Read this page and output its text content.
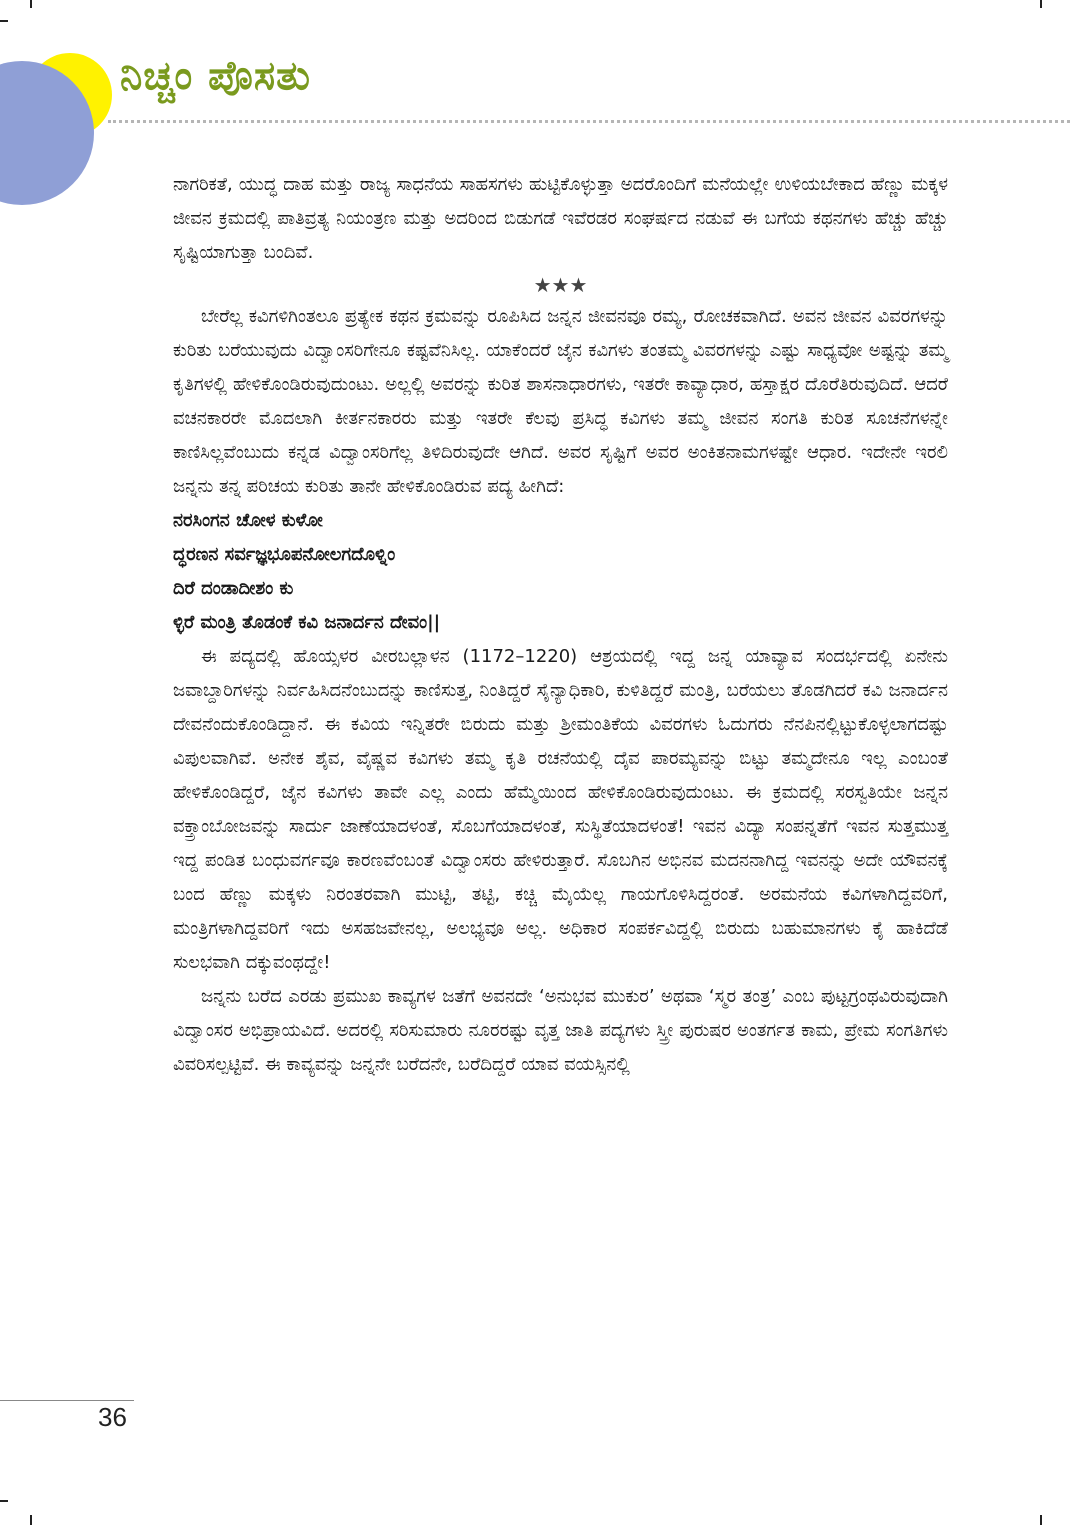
ನಿಚ್ಚಂ ಪೊಸತು

ನಾಗರಿಕತೆ, ಯುದ್ಧ ದಾಹ ಮತ್ತು ರಾಜ್ಯ ಸಾಧನೆಯ ಸಾಹಸಗಳು ಹುಟ್ಟಿಕೊಳ್ಳುತ್ತಾ ಅದರೊಂದಿಗೆ ಮನೆಯಲ್ಲೇ ಉಳಿಯಬೇಕಾದ ಹೆಣ್ಣು ಮಕ್ಕಳ ಜೀವನ ಕ್ರಮದಲ್ಲಿ ಪಾತಿವ್ರತ್ಯ ನಿಯಂತ್ರಣ ಮತ್ತು ಅದರಿಂದ ಬಿಡುಗಡೆ ಇವೆರಡರ ಸಂಘರ್ಷದ ನಡುವೆ ಈ ಬಗೆಯ ಕಥನಗಳು ಹೆಚ್ಚು ಹೆಚ್ಚು ಸೃಷ್ಟಿಯಾಗುತ್ತಾ ಬಂದಿವೆ.

★★★

ಬೇರೆಲ್ಲ ಕವಿಗಳಿಗಿಂತಲೂ ಪ್ರತ್ಯೇಕ ಕಥನ ಕ್ರಮವನ್ನು ರೂಪಿಸಿದ ಜನ್ನನ ಜೀವನವೂ ರಮ್ಯ, ರೋಚಕವಾಗಿದೆ. ಅವನ ಜೀವನ ವಿವರಗಳನ್ನು ಕುರಿತು ಬರೆಯುವುದು ವಿದ್ವಾಂಸರಿಗೇನೂ ಕಷ್ಟವೆನಿಸಿಲ್ಲ. ಯಾಕೆಂದರೆ ಜೈನ ಕವಿಗಳು ತಂತಮ್ಮ ವಿವರಗಳನ್ನು ಎಷ್ಟು ಸಾಧ್ಯವೋ ಅಷ್ಟನ್ನು ತಮ್ಮ ಕೃತಿಗಳಲ್ಲಿ ಹೇಳಿಕೊಂಡಿರುವುದುಂಟು. ಅಲ್ಲಲ್ಲಿ ಅವರನ್ನು ಕುರಿತ ಶಾಸನಾಧಾರಗಳು, ಇತರೇ ಕಾವ್ಯಾಧಾರ, ಹಸ್ತಾಕ್ಷರ ದೊರೆತಿರುವುದಿದೆ. ಆದರೆ ವಚನಕಾರರೇ ಮೊದಲಾಗಿ ಕೀರ್ತನಕಾರರು ಮತ್ತು ಇತರೇ ಕೆಲವು ಪ್ರಸಿದ್ಧ ಕವಿಗಳು ತಮ್ಮ ಜೀವನ ಸಂಗತಿ ಕುರಿತ ಸೂಚನೆಗಳನ್ನೇ ಕಾಣಿಸಿಲ್ಲವೆಂಬುದು ಕನ್ನಡ ವಿದ್ವಾಂಸರಿಗೆಲ್ಲ ತಿಳಿದಿರುವುದೇ ಆಗಿದೆ. ಅವರ ಸೃಷ್ಟಿಗೆ ಅವರ ಅಂಕಿತನಾಮಗಳಷ್ಟೇ ಆಧಾರ. ಇದೇನೇ ಇರಲಿ ಜನ್ನನು ತನ್ನ ಪರಿಚಯ ಕುರಿತು ತಾನೇ ಹೇಳಿಕೊಂಡಿರುವ ಪದ್ಯ ಹೀಗಿದೆ:

ನರಸಿಂಗನ ಚೋಳ ಕುಳೋ

ದ್ಧರಣನ ಸರ್ವಜ್ಞಭೂಪನೋಲಗದೊಳ್ನಿಂ

ದಿರೆ ದಂಡಾದೀಶಂ ಕು

ಳ್ಳಿರೆ ಮಂತ್ರಿ ತೊಡಂಕೆ ಕವಿ ಜನಾರ್ದನ ದೇವಂ||

ಈ ಪದ್ಯದಲ್ಲಿ ಹೊಯ್ಸಳರ ವೀರಬಲ್ಲಾಳನ (1172–1220) ಆಶ್ರಯದಲ್ಲಿ ಇದ್ದ ಜನ್ನ ಯಾವ್ಯಾವ ಸಂದರ್ಭದಲ್ಲಿ ಏನೇನು ಜವಾಬ್ದಾರಿಗಳನ್ನು ನಿರ್ವಹಿಸಿದನೆಂಬುದನ್ನು ಕಾಣಿಸುತ್ತ, ನಿಂತಿದ್ದರೆ ಸೈನ್ಯಾಧಿಕಾರಿ, ಕುಳಿತಿದ್ದರೆ ಮಂತ್ರಿ, ಬರೆಯಲು ತೊಡಗಿದರೆ ಕವಿ ಜನಾರ್ದನ ದೇವನೆಂದುಕೊಂಡಿದ್ದಾನೆ. ಈ ಕವಿಯ ಇನ್ನಿತರೇ ಬಿರುದು ಮತ್ತು ಶ್ರೀಮಂತಿಕೆಯ ವಿವರಗಳು ಓದುಗರು ನೆನಪಿನಲ್ಲಿಟ್ಟುಕೊಳ್ಳಲಾಗದಷ್ಟು ವಿಪುಲವಾಗಿವೆ. ಅನೇಕ ಶೈವ, ವೈಷ್ಣವ ಕವಿಗಳು ತಮ್ಮ ಕೃತಿ ರಚನೆಯಲ್ಲಿ ದೈವ ಪಾರಮ್ಯವನ್ನು ಬಿಟ್ಟು ತಮ್ಮದೇನೂ ಇಲ್ಲ ಎಂಬಂತೆ ಹೇಳಿಕೊಂಡಿದ್ದರೆ, ಜೈನ ಕವಿಗಳು ತಾವೇ ಎಲ್ಲ ಎಂದು ಹೆಮ್ಮೆಯಿಂದ ಹೇಳಿಕೊಂಡಿರುವುದುಂಟು. ಈ ಕ್ರಮದಲ್ಲಿ ಸರಸ್ವತಿಯೇ ಜನ್ನನ ವಕ್ತ್ರಾಂಬೋಜವನ್ನು ಸಾರ್ದು ಜಾಣೆಯಾದಳಂತೆ, ಸೊಬಗೆಯಾದಳಂತೆ, ಸುಸ್ಥಿತೆಯಾದಳಂತೆ! ಇವನ ವಿದ್ಯಾ ಸಂಪನ್ನತೆಗೆ ಇವನ ಸುತ್ತಮುತ್ತ ಇದ್ದ ಪಂಡಿತ ಬಂಧುವರ್ಗವೂ ಕಾರಣವೆಂಬಂತೆ ವಿದ್ವಾಂಸರು ಹೇಳಿರುತ್ತಾರೆ. ಸೊಬಗಿನ ಅಭಿನವ ಮದನನಾಗಿದ್ದ ಇವನನ್ನು ಅದೇ ಯೌವನಕ್ಕೆ ಬಂದ ಹೆಣ್ಣು ಮಕ್ಕಳು ನಿರಂತರವಾಗಿ ಮುಟ್ಟಿ, ತಟ್ಟಿ, ಕಚ್ಚಿ ಮೈಯೆಲ್ಲ ಗಾಯಗೊಳಿಸಿದ್ದರಂತೆ. ಅರಮನೆಯ ಕವಿಗಳಾಗಿದ್ದವರಿಗೆ, ಮಂತ್ರಿಗಳಾಗಿದ್ದವರಿಗೆ ಇದು ಅಸಹಜವೇನಲ್ಲ, ಅಲಭ್ಯವೂ ಅಲ್ಲ. ಅಧಿಕಾರ ಸಂಪರ್ಕವಿದ್ದಲ್ಲಿ ಬಿರುದು ಬಹುಮಾನಗಳು ಕೈ ಹಾಕಿದೆಡೆ ಸುಲಭವಾಗಿ ದಕ್ಕುವಂಥದ್ದೇ!

ಜನ್ನನು ಬರೆದ ಎರಡು ಪ್ರಮುಖ ಕಾವ್ಯಗಳ ಜತೆಗೆ ಅವನದೇ ‘ಅನುಭವ ಮುಕುರ’ ಅಥವಾ ‘ಸ್ಮರ ತಂತ್ರ’ ಎಂಬ ಪುಟ್ಟಗ್ರಂಥವಿರುವುದಾಗಿ ವಿದ್ವಾಂಸರ ಅಭಿಪ್ರಾಯವಿದೆ. ಅದರಲ್ಲಿ ಸರಿಸುಮಾರು ನೂರರಷ್ಟು ವೃತ್ತ ಜಾತಿ ಪದ್ಯಗಳು ಸ್ತ್ರೀ ಪುರುಷರ ಅಂತರ್ಗತ ಕಾಮ, ಪ್ರೇಮ ಸಂಗತಿಗಳು ವಿವರಿಸಲ್ಪಟ್ಟಿವೆ. ಈ ಕಾವ್ಯವನ್ನು ಜನ್ನನೇ ಬರೆದನೇ, ಬರೆದಿದ್ದರೆ ಯಾವ ವಯಸ್ಸಿನಲ್ಲಿ

36
